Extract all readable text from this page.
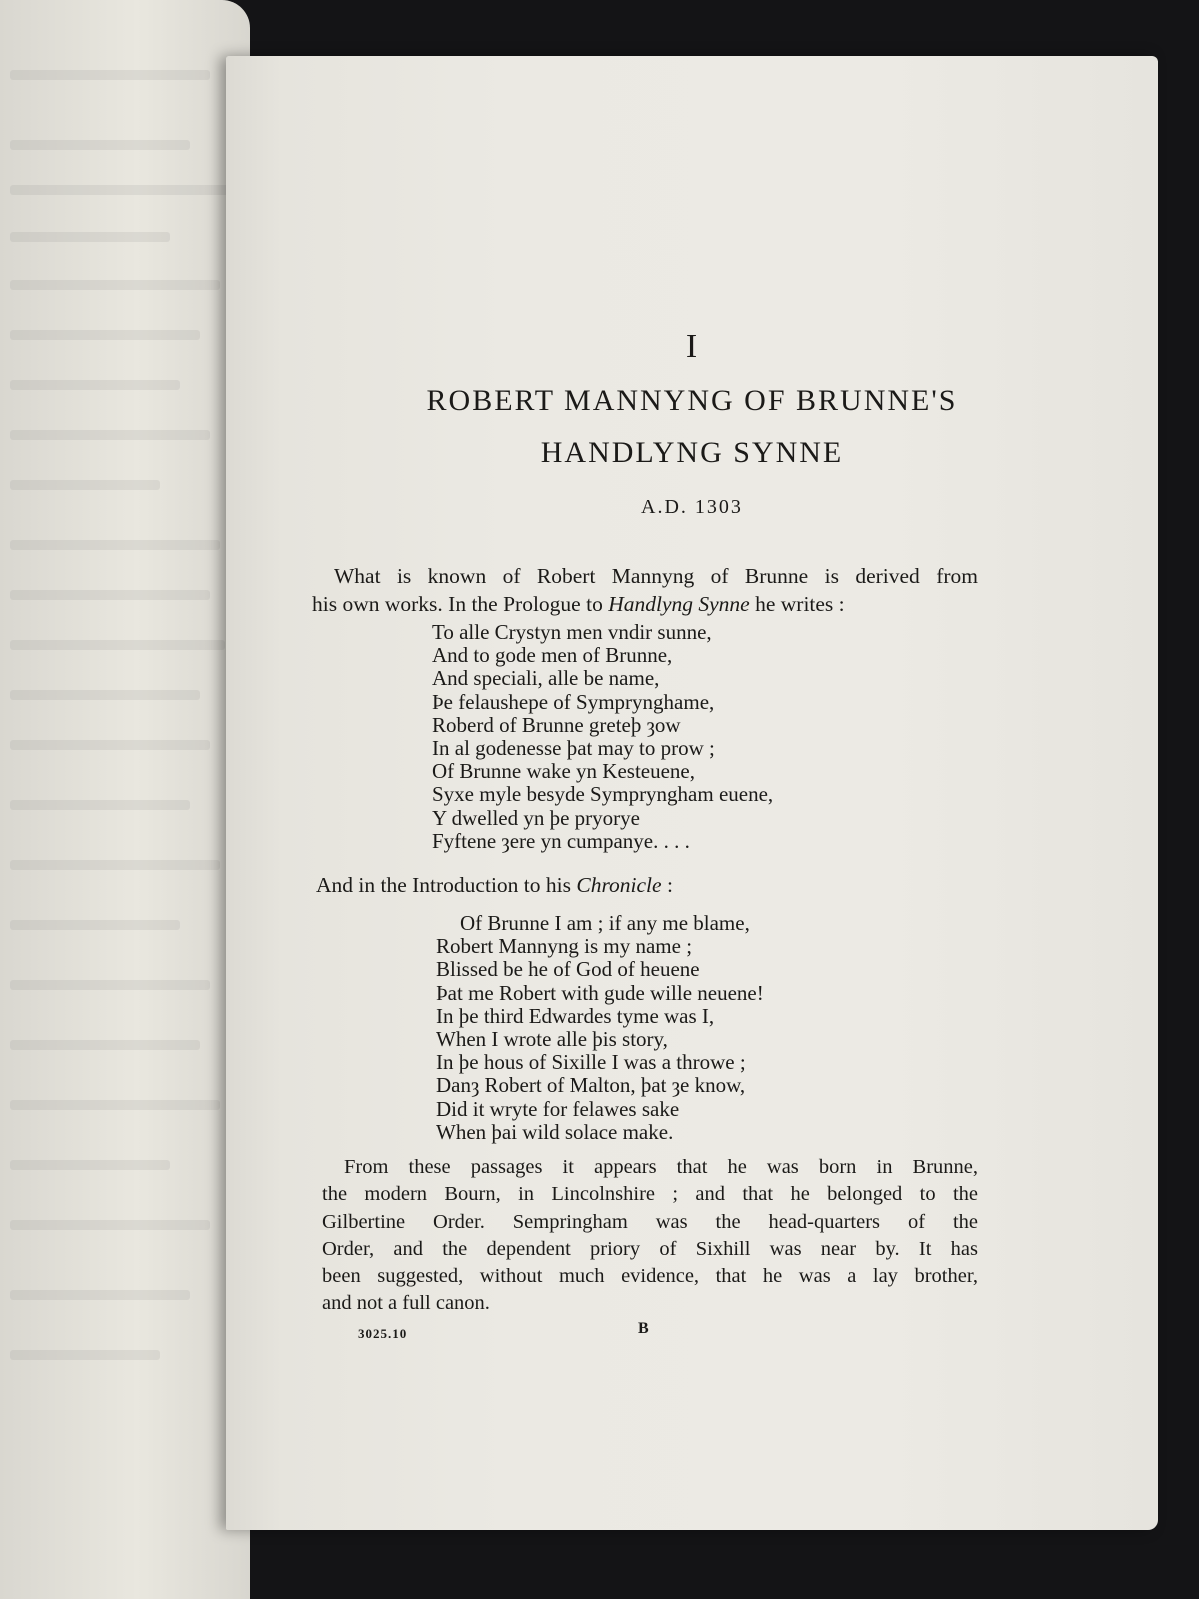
I
ROBERT MANNYNG OF BRUNNE'S
HANDLYNG SYNNE
A.D. 1303
What is known of Robert Mannyng of Brunne is derived from
his own works. In the Prologue to Handlyng Synne he writes :
To alle Crystyn men vndir sunne,
And to gode men of Brunne,
And speciali, alle be name,
Þe felaushepe of Symprynghame,
Roberd of Brunne greteþ ȝow
In al godenesse þat may to prow ;
Of Brunne wake yn Kesteuene,
Syxe myle besyde Sympryngham euene,
Y dwelled yn þe pryorye
Fyftene ȝere yn cumpanye. . . .
And in the Introduction to his Chronicle :
Of Brunne I am ; if any me blame,
Robert Mannyng is my name ;
Blissed be he of God of heuene
Þat me Robert with gude wille neuene!
In þe third Edwardes tyme was I,
When I wrote alle þis story,
In þe hous of Sixille I was a throwe ;
Danȝ Robert of Malton, þat ȝe know,
Did it wryte for felawes sake
When þai wild solace make.
From these passages it appears that he was born in Brunne,
the modern Bourn, in Lincolnshire ; and that he belonged to the
Gilbertine Order. Sempringham was the head-quarters of the
Order, and the dependent priory of Sixhill was near by. It has
been suggested, without much evidence, that he was a lay brother,
and not a full canon.
3025.10	B
